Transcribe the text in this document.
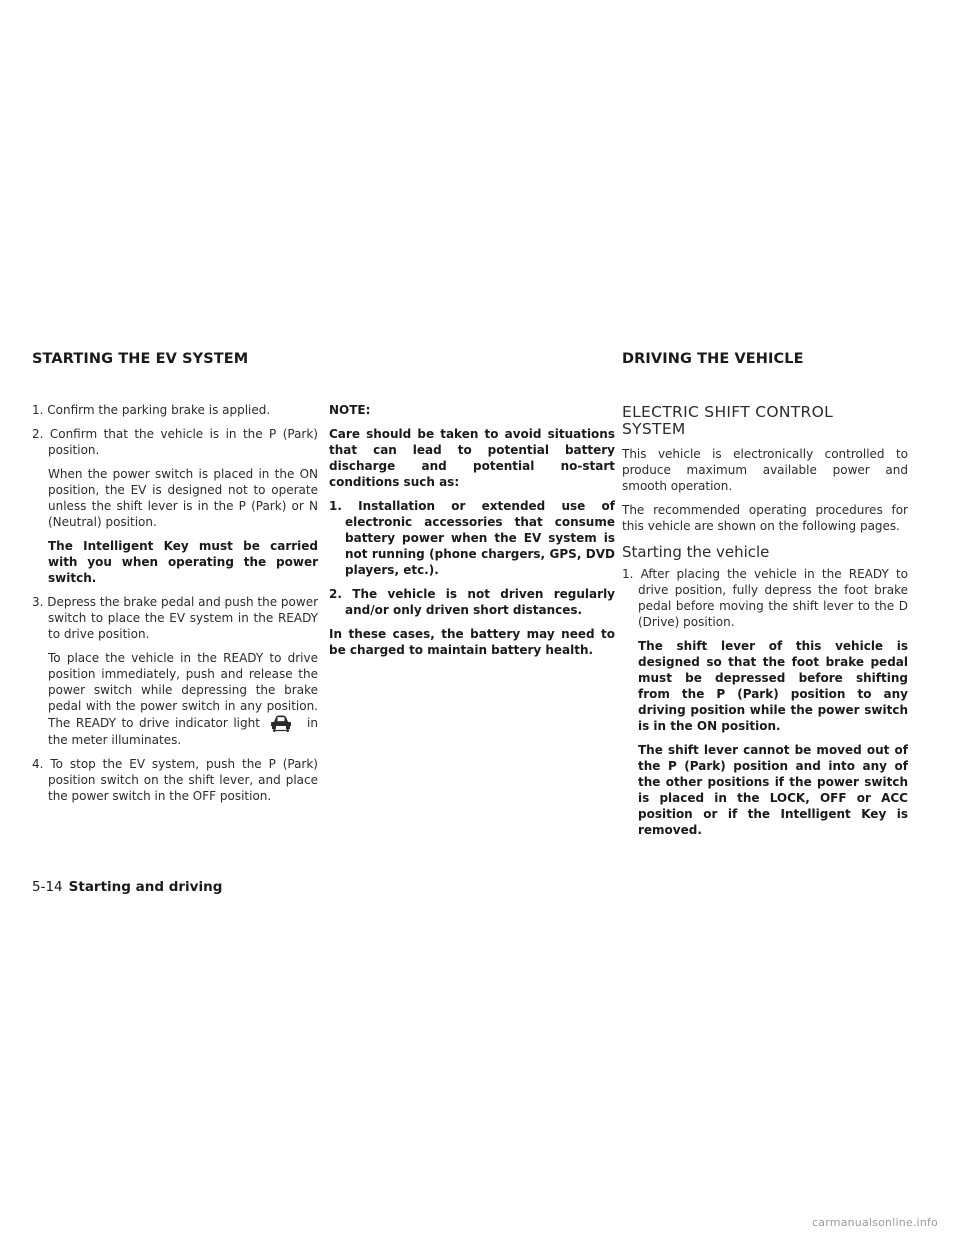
STARTING THE EV SYSTEM	DRIVING THE VEHICLE

1. Confirm the parking brake is applied.

2. Confirm that the vehicle is in the P (Park) position.

When the power switch is placed in the ON position, the EV is designed not to operate unless the shift lever is in the P (Park) or N (Neutral) position.

The Intelligent Key must be carried with you when operating the power switch.

3. Depress the brake pedal and push the power switch to place the EV system in the READY to drive position.

To place the vehicle in the READY to drive position immediately, push and release the power switch while depressing the brake pedal with the power switch in any position. The READY to drive indicator light	in the meter illuminates.

4. To stop the EV system, push the P (Park) position switch on the shift lever, and place the power switch in the OFF position.

NOTE:

Care should be taken to avoid situations that can lead to potential battery discharge and potential no-start conditions such as:

1. Installation or extended use of electronic accessories that consume battery power when the EV system is not running (phone chargers, GPS, DVD players, etc.).

2. The vehicle is not driven regularly and/or only driven short distances.

In these cases, the battery may need to be charged to maintain battery health.

ELECTRIC SHIFT CONTROL SYSTEM

This vehicle is electronically controlled to produce maximum available power and smooth operation.

The recommended operating procedures for this vehicle are shown on the following pages.

Starting the vehicle

1. After placing the vehicle in the READY to drive position, fully depress the foot brake pedal before moving the shift lever to the D (Drive) position.

The shift lever of this vehicle is designed so that the foot brake pedal must be depressed before shifting from the P (Park) position to any driving position while the power switch is in the ON position.

The shift lever cannot be moved out of the P (Park) position and into any of the other positions if the power switch is placed in the LOCK, OFF or ACC position or if the Intelligent Key is removed.

5-14 Starting and driving
carmanualsonline.info
